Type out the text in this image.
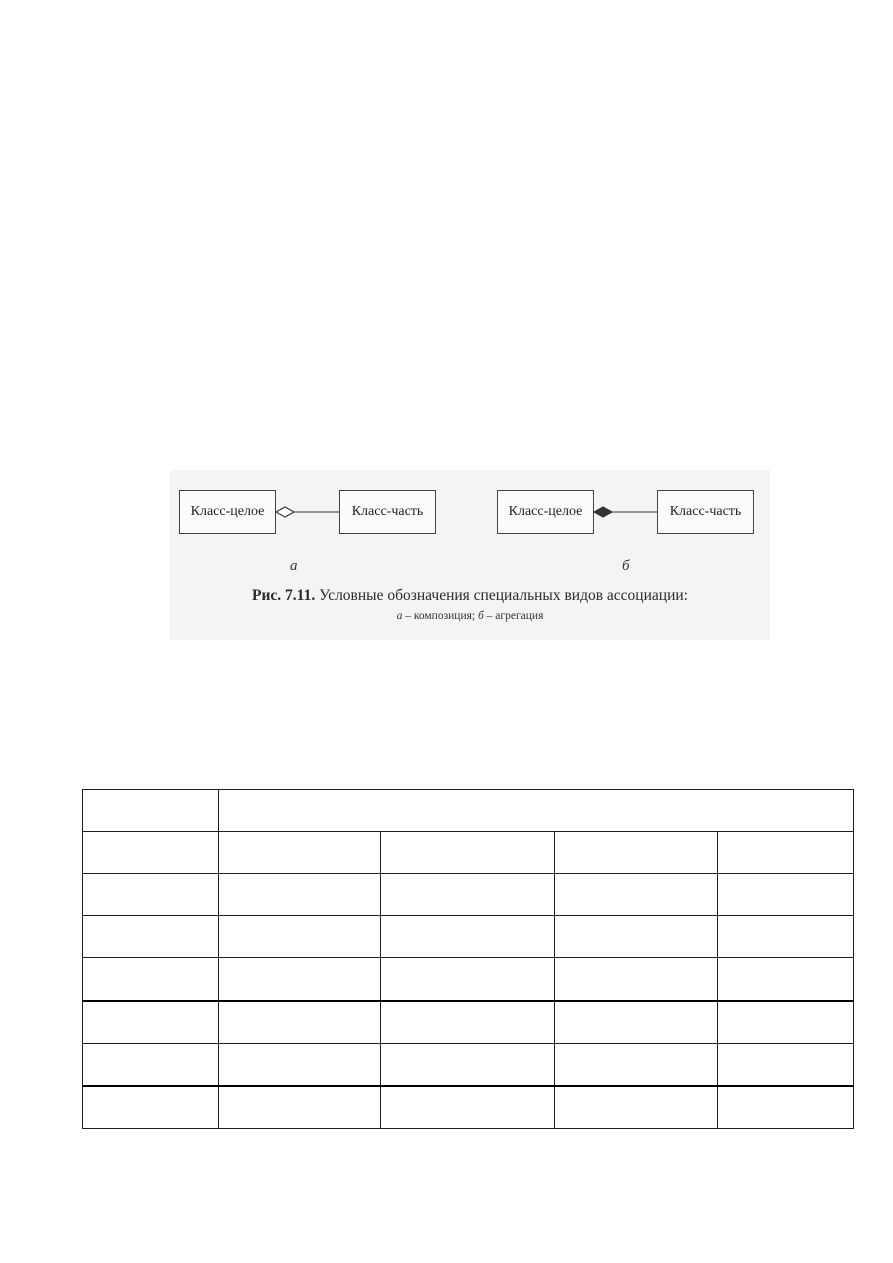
Класс-целое	Класс-часть
а
Класс-целое	Класс-часть
б
Рис. 7.11. Условные обозначения специальных видов ассоциации:
а – композиция; б – агрегация
